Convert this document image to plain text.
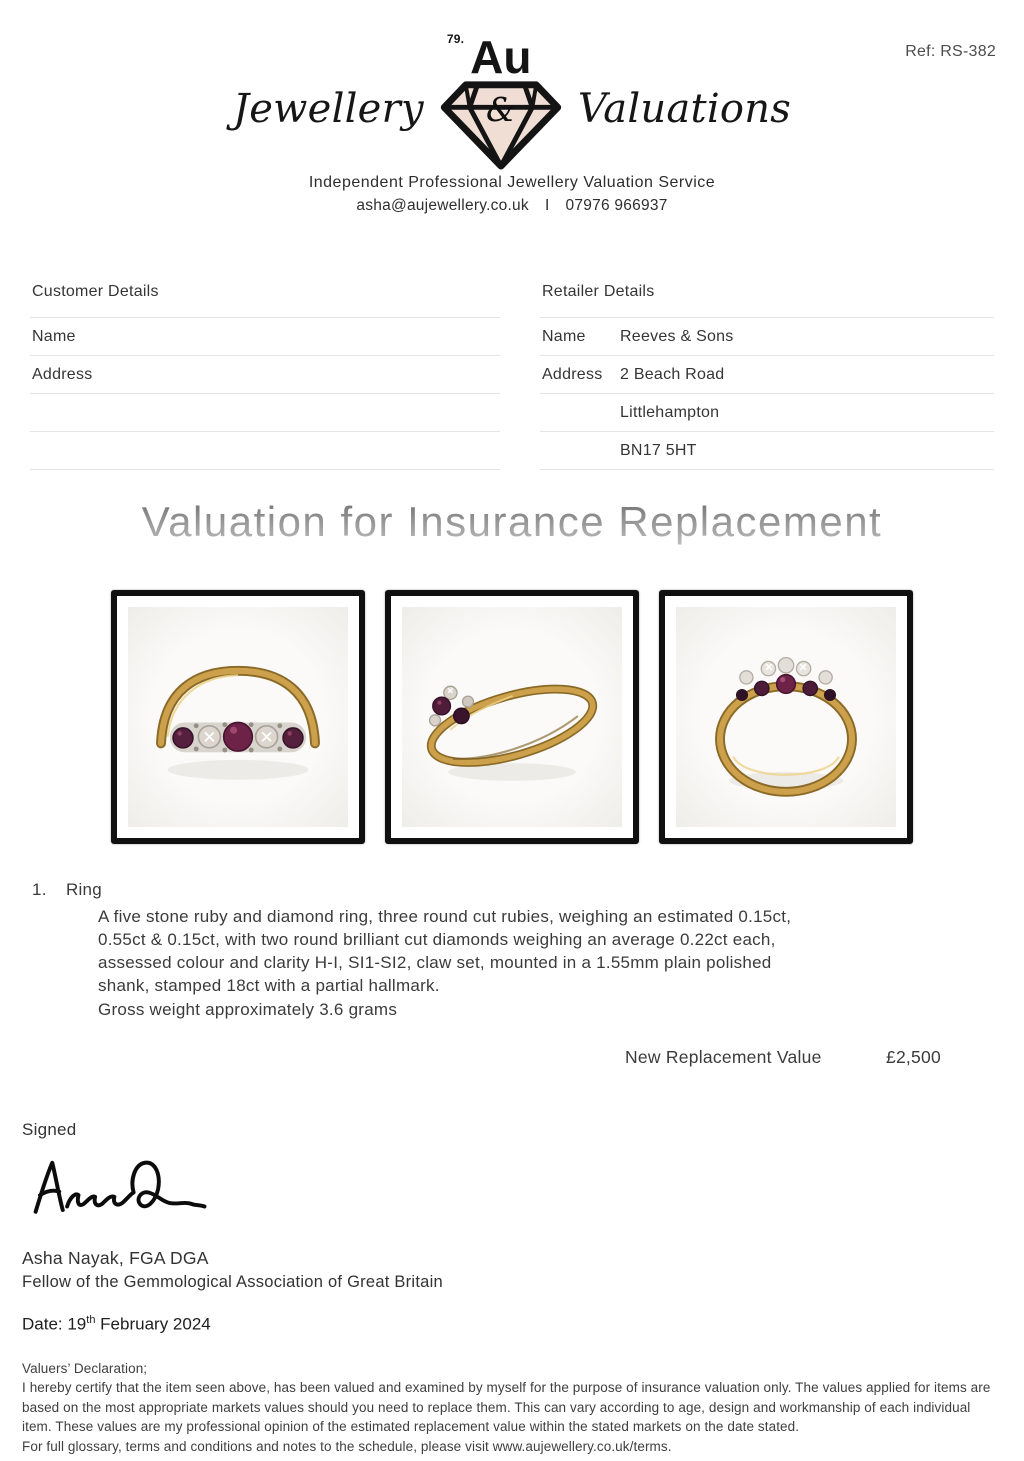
Ref: RS-382
Jewellery
79. Au
& Valuations
Independent Professional Jewellery Valuation Service
asha@aujewellery.co.uk I 07976 966937
Customer Details
Name
Address
Retailer Details
Name	Reeves & Sons
Address	2 Beach Road
Littlehampton
BN17 5HT
Valuation for Insurance Replacement
1.	Ring

A five stone ruby and diamond ring, three round cut rubies, weighing an estimated 0.15ct, 0.55ct & 0.15ct, with two round brilliant cut diamonds weighing an average 0.22ct each, assessed colour and clarity H-I, SI1-SI2, claw set, mounted in a 1.55mm plain polished shank, stamped 18ct with a partial hallmark.

Gross weight approximately 3.6 grams

New Replacement Value	£2,500
Signed
Asha Nayak, FGA DGA
Fellow of the Gemmological Association of Great Britain
Date: 19th February 2024
Valuers’ Declaration;
I hereby certify that the item seen above, has been valued and examined by myself for the purpose of insurance valuation only. The values applied for items are based on the most appropriate markets values should you need to replace them. This can vary according to age, design and workmanship of each individual item. These values are my professional opinion of the estimated replacement value within the stated markets on the date stated.
For full glossary, terms and conditions and notes to the schedule, please visit www.aujewellery.co.uk/terms.
